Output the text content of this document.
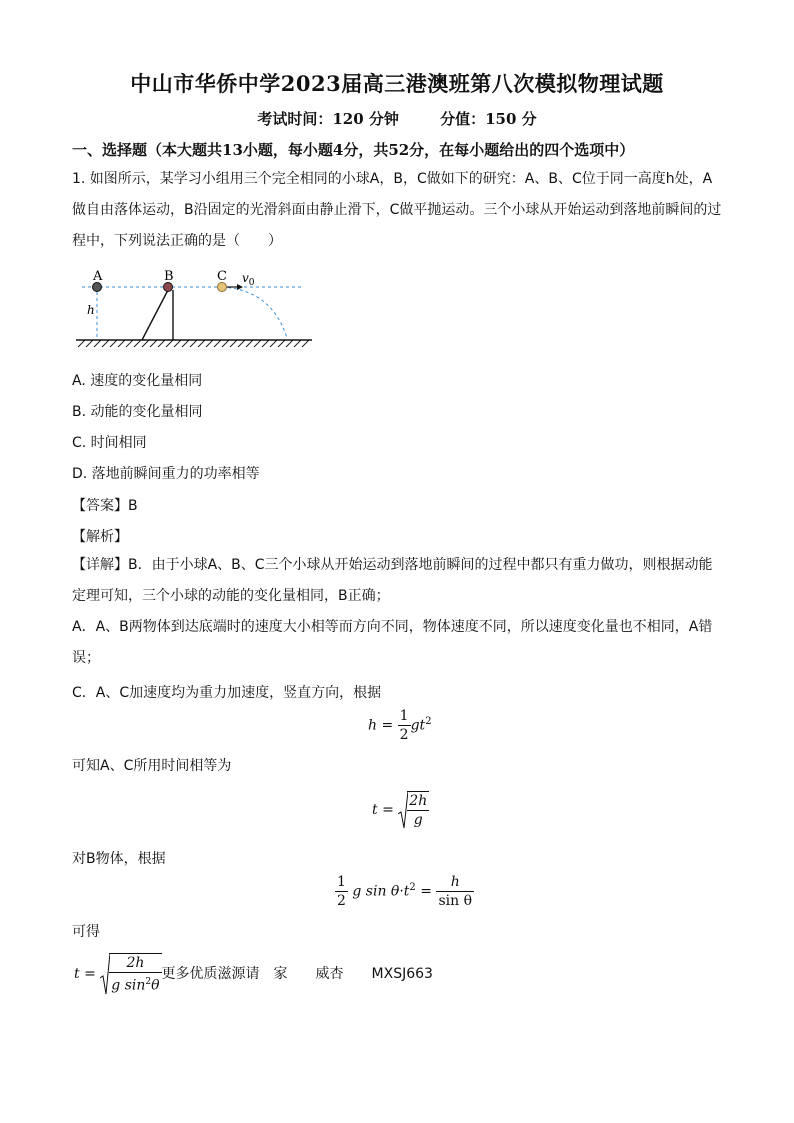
中山市华侨中学2023届高三港澳班第八次模拟物理试题
考试时间：120 分钟	分值：150 分
一、选择题（本大题共13小题，每小题4分，共52分，在每小题给出的四个选项中）
1. 如图所示，某学习小组用三个完全相同的小球A，B，C做如下的研究：A、B、C位于同一高度h处，A做自由落体运动，B沿固定的光滑斜面由静止滑下，C做平抛运动。三个小球从开始运动到落地前瞬间的过程中，下列说法正确的是（　　）
A	B	C
h
$v_0$
A. 速度的变化量相同
B. 动能的变化量相同
C. 时间相同
D. 落地前瞬间重力的功率相等
【答案】B
【解析】
【详解】B．由于小球A、B、C三个小球从开始运动到落地前瞬间的过程中都只有重力做功，则根据动能定理可知，三个小球的动能的变化量相同，B正确；
A．A、B两物体到达底端时的速度大小相等而方向不同，物体速度不同，所以速度变化量也不相同，A错误；
C．A、C加速度均为重力加速度，竖直方向，根据
$h = \frac{1}{2} gt^2$
可知A、C所用时间相等为
$t = \frac{2h}{g}$
对B物体，根据
$\frac{1}{2}$ g $\sin \theta\cdot t^2 = \frac{h}{\text{sin θ}}$
可得
$t = \frac{2h}{g \sin^2\theta}$ 更多优质滋源请　家　　威杏　　MXSJ663
